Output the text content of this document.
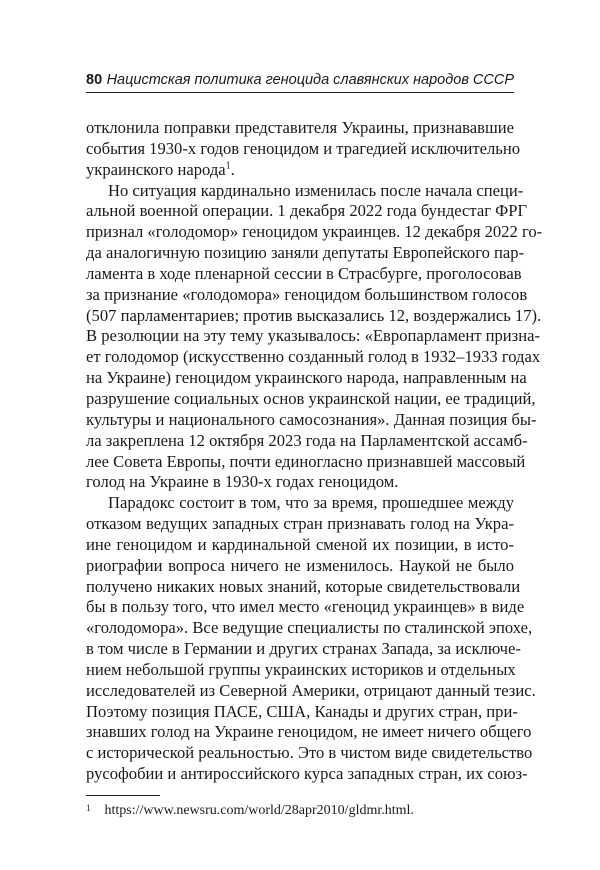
80 Нацистская политика геноцида славянских народов СССР
отклонила поправки представителя Украины, признававшие
события 1930-х годов геноцидом и трагедией исключительно
украинского народа$^1$.
Но ситуация кардинально изменилась после начала специ-
альной военной операции. 1 декабря 2022 года бундестаг ФРГ
признал «голодомор» геноцидом украинцев. 12 декабря 2022 го-
да аналогичную позицию заняли депутаты Европейского пар-
ламента в ходе пленарной сессии в Страсбурге, проголосовав
за признание «голодомора» геноцидом большинством голосов
(507 парламентариев; против высказались 12, воздержались 17).
В резолюции на эту тему указывалось: «Европарламент призна-
ет голодомор (искусственно созданный голод в 1932–1933 годах
на Украине) геноцидом украинского народа, направленным на
разрушение социальных основ украинской нации, ее традиций,
культуры и национального самосознания». Данная позиция бы-
ла закреплена 12 октября 2023 года на Парламентской ассамб-
лее Совета Европы, почти единогласно признавшей массовый
голод на Украине в 1930-х годах геноцидом.
Парадокс состоит в том, что за время, прошедшее между
отказом ведущих западных стран признавать голод на Укра-
ине геноцидом и кардинальной сменой их позиции, в исто-
риографии вопроса ничего не изменилось. Наукой не было
получено никаких новых знаний, которые свидетельствовали
бы в пользу того, что имел место «геноцид украинцев» в виде
«голодомора». Все ведущие специалисты по сталинской эпохе,
в том числе в Германии и других странах Запада, за исключе-
нием небольшой группы украинских историков и отдельных
исследователей из Северной Америки, отрицают данный тезис.
Поэтому позиция ПАСЕ, США, Канады и других стран, при-
знавших голод на Украине геноцидом, не имеет ничего общего
с исторической реальностью. Это в чистом виде свидетельство
русофобии и антироссийского курса западных стран, их союз-
$^1$ https://www.newsru.com/world/28apr2010/gldmr.html.
